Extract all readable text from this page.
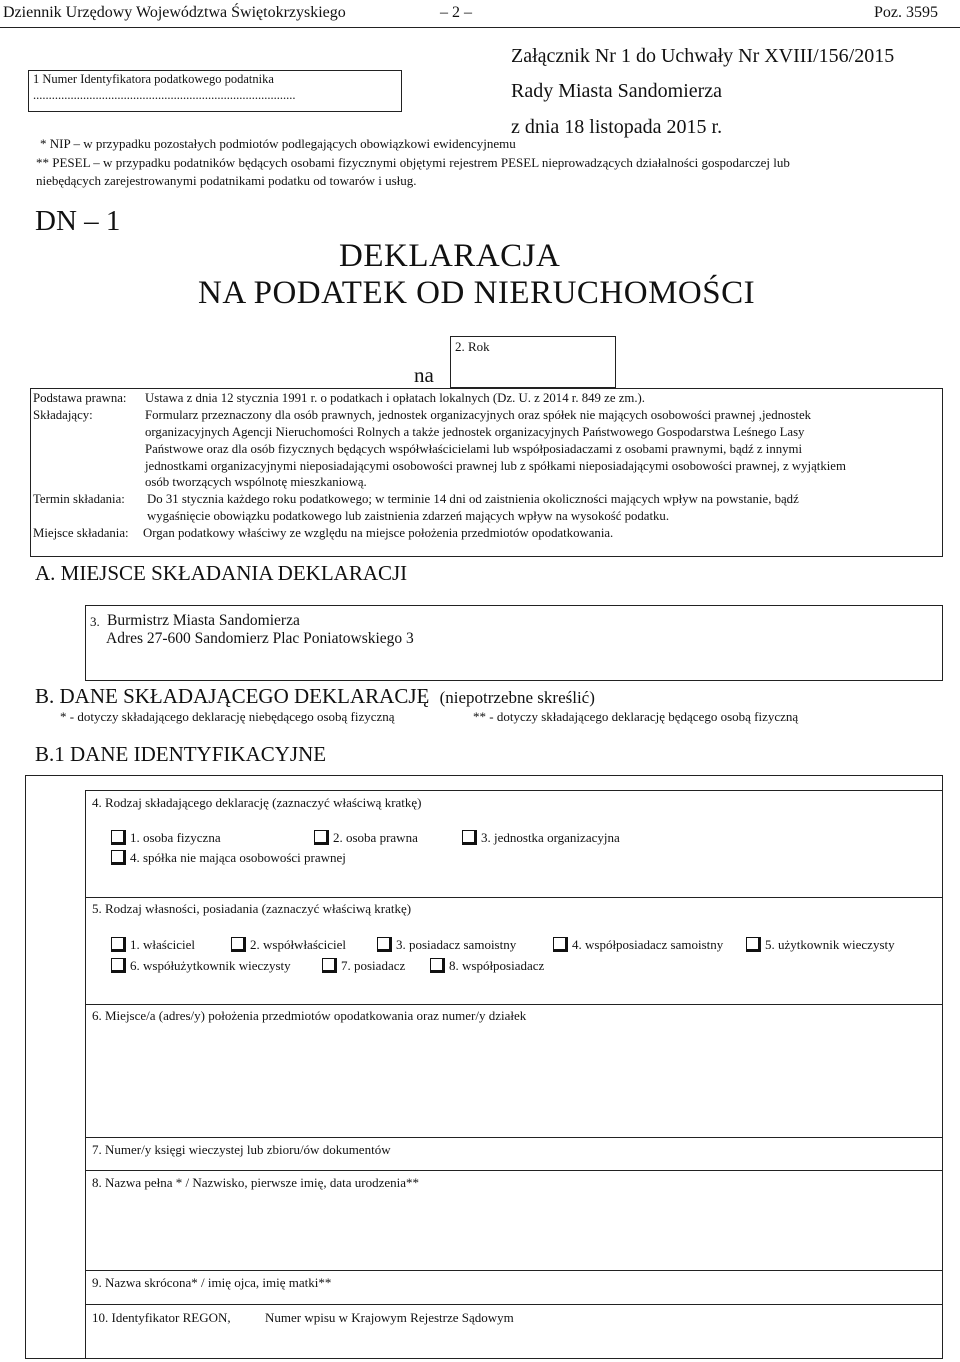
Dziennik Urzędowy Województwa Świętokrzyskiego	– 2 –	Poz. 3595
1 Numer Identyfikatora podatkowego podatnika
....................................................................................
Załącznik Nr 1 do Uchwały Nr XVIII/156/2015
Rady Miasta Sandomierza
z dnia 18 listopada 2015 r.
* NIP – w przypadku pozostałych podmiotów podlegających obowiązkowi ewidencyjnemu
** PESEL – w przypadku podatników będących osobami fizycznymi objętymi rejestrem PESEL nieprowadzących działalności gospodarczej lub
niebędących zarejestrowanymi podatnikami podatku od towarów i usług.
DN – 1
DEKLARACJA
NA PODATEK OD NIERUCHOMOŚCI
2. Rok
na
Podstawa prawna: Ustawa z dnia 12 stycznia 1991 r. o podatkach i opłatach lokalnych (Dz. U. z 2014 r. 849 ze zm.).
Składający:	Formularz przeznaczony dla osób prawnych, jednostek organizacyjnych oraz spółek nie mających osobowości prawnej ,jednostek
organizacyjnych Agencji Nieruchomości Rolnych a także jednostek organizacyjnych Państwowego Gospodarstwa Leśnego Lasy
Państwowe oraz dla osób fizycznych będących współwłaścicielami lub współposiadaczami z osobami prawnymi, bądź z innymi
jednostkami organizacyjnymi nieposiadającymi osobowości prawnej lub z spółkami nieposiadającymi osobowości prawnej, z wyjątkiem
osób tworzących wspólnotę mieszkaniową.
Termin składania: Do 31 stycznia każdego roku podatkowego; w terminie 14 dni od zaistnienia okoliczności mających wpływ na powstanie, bądź
wygaśnięcie obowiązku podatkowego lub zaistnienia zdarzeń mających wpływ na wysokość podatku.
Miejsce składania: Organ podatkowy właściwy ze względu na miejsce położenia przedmiotów opodatkowania.
A. MIEJSCE SKŁADANIA DEKLARACJI
3. Burmistrz Miasta Sandomierza
Adres 27-600 Sandomierz Plac Poniatowskiego 3
B. DANE SKŁADAJĄCEGO DEKLARACJĘ (niepotrzebne skreślić)
* - dotyczy składającego deklarację niebędącego osobą fizyczną	** - dotyczy składającego deklarację będącego osobą fizyczną
B.1 DANE IDENTYFIKACYJNE
4. Rodzaj składającego deklarację (zaznaczyć właściwą kratkę)
1. osoba fizyczna	2. osoba prawna	3. jednostka organizacyjna
4. spółka nie mająca osobowości prawnej
5. Rodzaj własności, posiadania (zaznaczyć właściwą kratkę)
1. właściciel	2. współwłaściciel	3. posiadacz samoistny	4. współposiadacz samoistny	5. użytkownik wieczysty
6. współużytkownik wieczysty	7. posiadacz	8. współposiadacz
6. Miejsce/a (adres/y) położenia przedmiotów opodatkowania oraz numer/y działek
7. Numer/y księgi wieczystej lub zbioru/ów dokumentów
8. Nazwa pełna * / Nazwisko, pierwsze imię, data urodzenia**
9. Nazwa skrócona* / imię ojca, imię matki**
10. Identyfikator REGON,	Numer wpisu w Krajowym Rejestrze Sądowym
